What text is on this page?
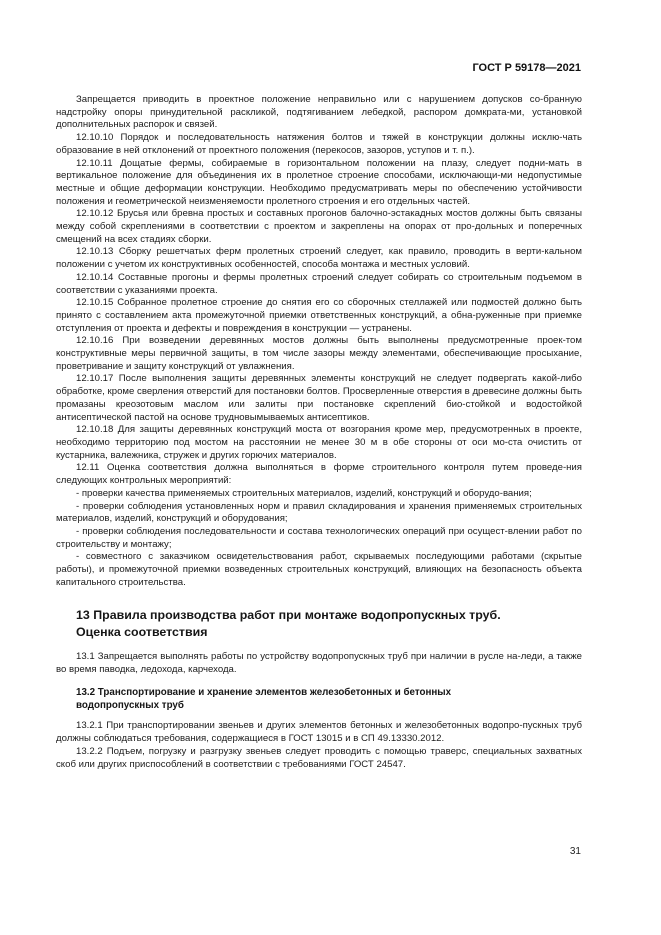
ГОСТ Р 59178—2021

Запрещается приводить в проектное положение неправильно или с нарушением допусков со-бранную надстройку опоры принудительной раскликой, подтягиванием лебедкой, распором домкрата-ми, установкой дополнительных распорок и связей.

12.10.10 Порядок и последовательность натяжения болтов и тяжей в конструкции должны исклю-чать образование в ней отклонений от проектного положения (перекосов, зазоров, уступов и т. п.).

12.10.11 Дощатые фермы, собираемые в горизонтальном положении на плазу, следует подни-мать в вертикальное положение для объединения их в пролетное строение способами, исключающи-ми недопустимые местные и общие деформации конструкции. Необходимо предусматривать меры по обеспечению устойчивости положения и геометрической неизменяемости пролетного строения и его отдельных частей.

12.10.12 Брусья или бревна простых и составных прогонов балочно-эстакадных мостов должны быть связаны между собой скреплениями в соответствии с проектом и закреплены на опорах от про-дольных и поперечных смещений на всех стадиях сборки.

12.10.13 Сборку решетчатых ферм пролетных строений следует, как правило, проводить в верти-кальном положении с учетом их конструктивных особенностей, способа монтажа и местных условий.

12.10.14 Составные прогоны и фермы пролетных строений следует собирать со строительным подъемом в соответствии с указаниями проекта.

12.10.15 Собранное пролетное строение до снятия его со сборочных стеллажей или подмостей должно быть принято с составлением акта промежуточной приемки ответственных конструкций, а обна-руженные при приемке отступления от проекта и дефекты и повреждения в конструкции — устранены.

12.10.16 При возведении деревянных мостов должны быть выполнены предусмотренные проек-том конструктивные меры первичной защиты, в том числе зазоры между элементами, обеспечивающие просыхание, проветривание и защиту конструкций от увлажнения.

12.10.17 После выполнения защиты деревянных элементы конструкций не следует подвергать какой-либо обработке, кроме сверления отверстий для постановки болтов. Просверленные отверстия в древесине должны быть промазаны креозотовым маслом или залиты при постановке скреплений био-стойкой и водостойкой антисептической пастой на основе трудновымываемых антисептиков.

12.10.18 Для защиты деревянных конструкций моста от возгорания кроме мер, предусмотренных в проекте, необходимо территорию под мостом на расстоянии не менее 30 м в обе стороны от оси мо-ста очистить от кустарника, валежника, стружек и других горючих материалов.

12.11 Оценка соответствия должна выполняться в форме строительного контроля путем проведе-ния следующих контрольных мероприятий:

- проверки качества применяемых строительных материалов, изделий, конструкций и оборудо-вания;

- проверки соблюдения установленных норм и правил складирования и хранения применяемых строительных материалов, изделий, конструкций и оборудования;

- проверки соблюдения последовательности и состава технологических операций при осущест-влении работ по строительству и монтажу;

- совместного с заказчиком освидетельствования работ, скрываемых последующими работами (скрытые работы), и промежуточной приемки возведенных строительных конструкций, влияющих на безопасность объекта капитального строительства.

13 Правила производства работ при монтаже водопропускных труб.
Оценка соответствия

13.1 Запрещается выполнять работы по устройству водопропускных труб при наличии в русле на-леди, а также во время паводка, ледохода, карчехода.

13.2 Транспортирование и хранение элементов железобетонных и бетонных
водопропускных труб

13.2.1 При транспортировании звеньев и других элементов бетонных и железобетонных водопро-пускных труб должны соблюдаться требования, содержащиеся в ГОСТ 13015 и в СП 49.13330.2012.

13.2.2 Подъем, погрузку и разгрузку звеньев следует проводить с помощью траверс, специальных захватных скоб или других приспособлений в соответствии с требованиями ГОСТ 24547.

31
